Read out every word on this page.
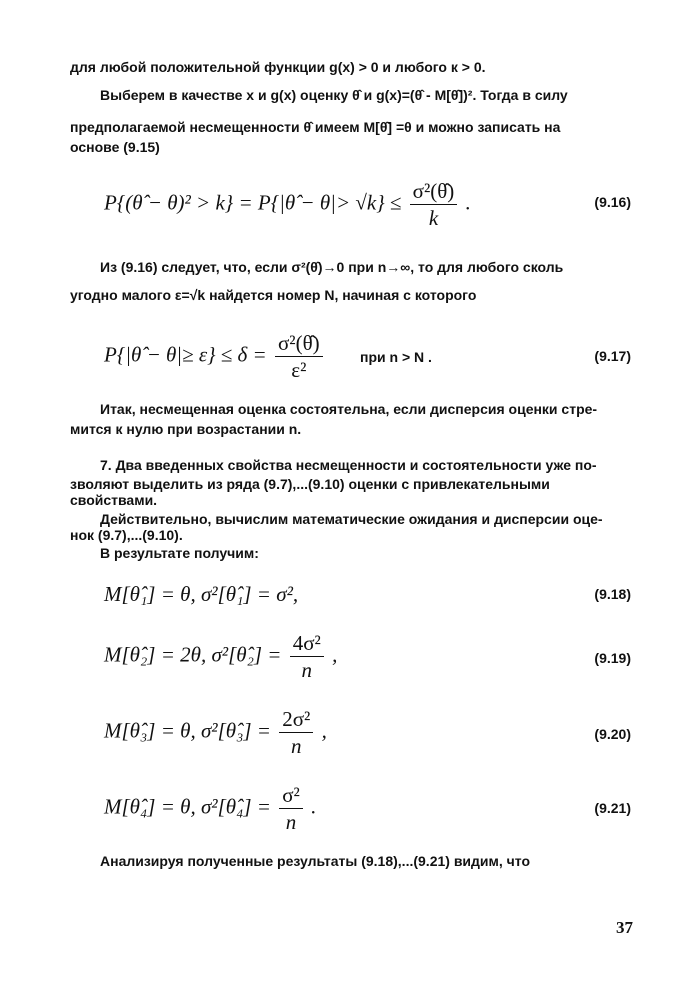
для любой положительной функции g(x) > 0 и любого к > 0.
Выберем в качестве х и g(x) оценку θ̂ и g(x)=(θ̂ - М[θ̂])². Тогда в силу
предполагаемой несмещенности θ̂ имеем М[θ̂] =θ и можно записать на
основе (9.15)
P{(θ̂ − θ)² > k} = P{|θ̂ − $\theta|> √k\} \le \frac{\text{σ²(θ̂)}}{k}$ .	(9.16)
Из (9.16) следует, что, если σ²(θ̂)→0 при n→∞, то для любого сколь
угодно малого ε=√k найдется номер N, начиная с которого
P{|θ̂ − $\theta|\ge \varepsilon\} \le \delta = \frac{\text{σ²(θ̂)}}{\text{ε²}}$	при n > N .	(9.17)
Итак, несмещенная оценка состоятельна, если дисперсия оценки стре-
мится к нулю при возрастании n.
7. Два введенных свойства несмещенности и состоятельности уже по-
зволяют выделить из ряда (9.7),...(9.10) оценки с привлекательными
свойствами.
Действительно, вычислим математические ожидания и дисперсии оце-
нок (9.7),...(9.10).
В результате получим:
M[θ̂₁] = θ, σ²[θ̂₁] = σ²,	(9.18)
M[θ̂₂] = 2θ, σ²[θ̂₂] = $\frac{\text{4σ²}}{n}$ ,	(9.19)
M[θ̂₃] = θ, σ²[θ̂₃] = $\frac{\text{2σ²}}{n}$ ,	(9.20)
M[θ̂₄] = θ, σ²[θ̂₄] = $\frac{\text{σ²}}{n}$ .	(9.21)
Анализируя полученные результаты (9.18),...(9.21) видим, что
37
